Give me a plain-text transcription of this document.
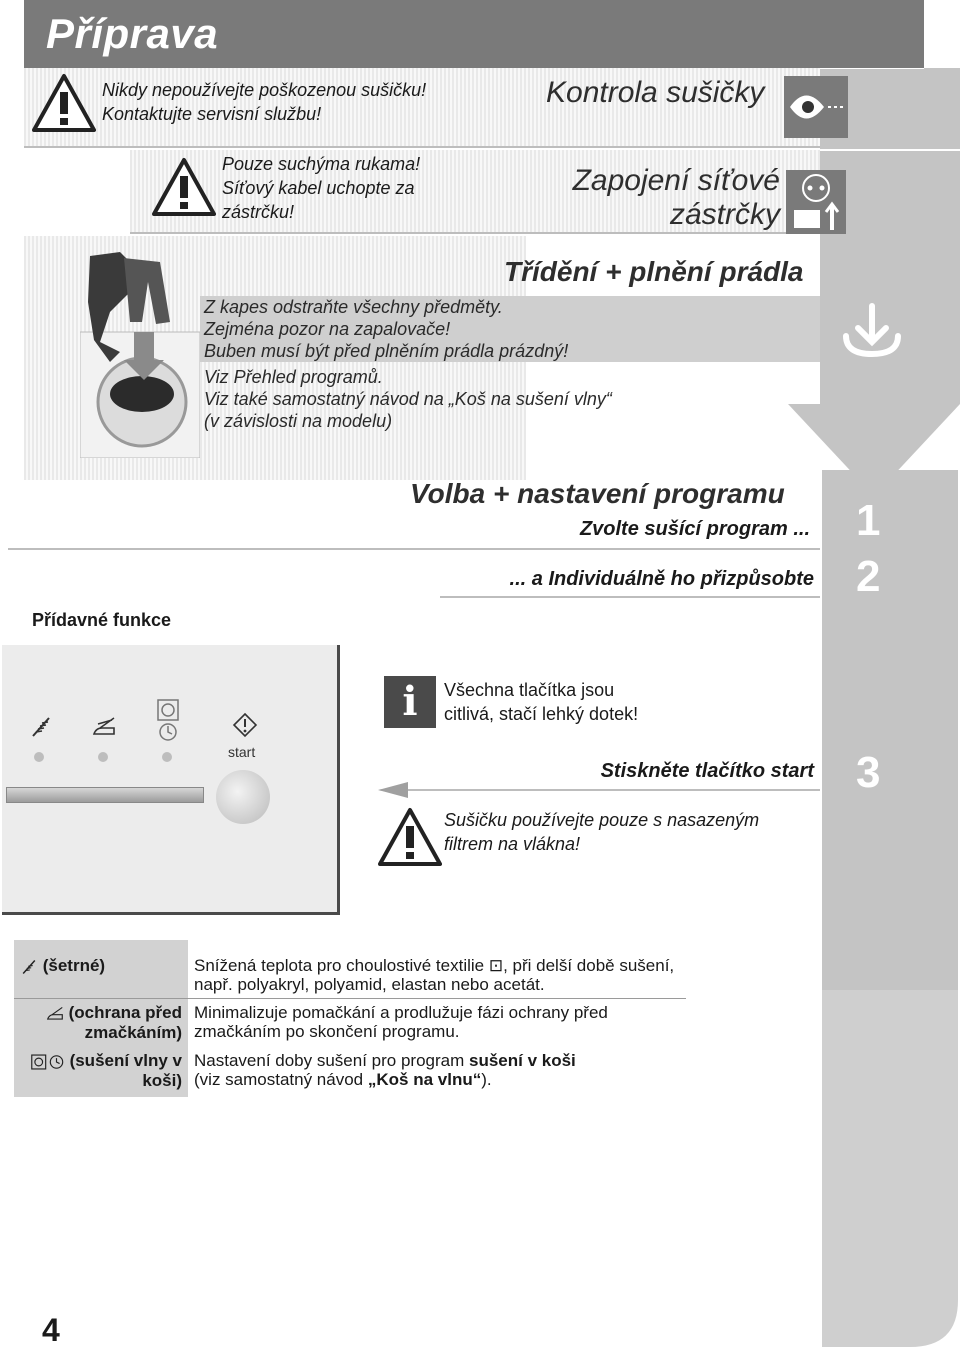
Příprava
Nikdy nepoužívejte poškozenou sušičku!
Kontaktujte servisní službu!
Kontrola sušičky
Pouze suchýma rukama!
Síťový kabel uchopte za
zástrčku!
Zapojení síťové
zástrčky
Třídění + plnění prádla
Z kapes odstraňte všechny předměty.
Zejména pozor na zapalovače!
Buben musí být před plněním prádla prázdný!
Viz Přehled programů.
Viz také samostatný návod na „Koš na sušení vlny“
(v závislosti na modelu)
Volba + nastavení programu
Zvolte sušící program ...
... a Individuálně ho přizpůsobte
1
2
Přídavné funkce
start
i	Všechna tlačítka jsou
citlivá, stačí lehký dotek!
Stiskněte tlačítko start 3
Sušičku používejte pouze s nasazeným
filtrem na vlákna!
(šetrné)	Snížená teplota pro choulostivé textilie ⊡, při delší době sušení, např. polyakryl, polyamid, elastan nebo acetát.
(ochrana před zmačkáním)	Minimalizuje pomačkání a prodlužuje fázi ochrany před zmačkáním po skončení programu.
(sušení vlny v koši)	Nastavení doby sušení pro program sušení v koši
(viz samostatný návod „Koš na vlnu“).
4
